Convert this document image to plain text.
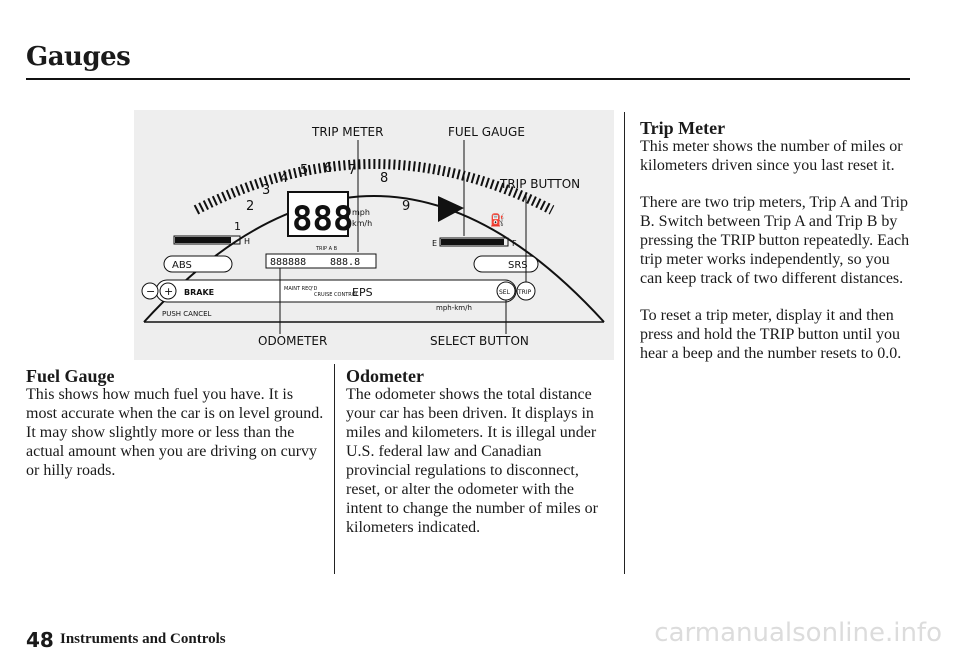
Gauges
1
2
3
4
5 6 7
8
9
888
mph
km/h
TRIP A B
888888 888.8
E	F
⛽
H
ABS	SRS
− + BRAKE	MAINT REQ'D
CRUISE CONTROL
EPS
mph-km/h
SEL TRIP
PUSH CANCEL
TRIP METER	FUEL GAUGE
TRIP BUTTON
ODOMETER	SELECT BUTTON
Fuel Gauge

This shows how much fuel you have. It is most accurate when the car is on level ground. It may show slightly more or less than the actual amount when you are driving on curvy or hilly roads.

Odometer

The odometer shows the total distance your car has been driven. It displays in miles and kilometers. It is illegal under U.S. federal law and Canadian provincial regulations to disconnect, reset, or alter the odometer with the intent to change the number of miles or kilometers indicated.

Trip Meter

This meter shows the number of miles or kilometers driven since you last reset it.

There are two trip meters, Trip A and Trip B. Switch between Trip A and Trip B by pressing the TRIP button repeatedly. Each trip meter works independently, so you can keep track of two different distances.

To reset a trip meter, display it and then press and hold the TRIP button until you hear a beep and the number resets to 0.0.

48 Instruments and Controls	carmanualsonline.info
